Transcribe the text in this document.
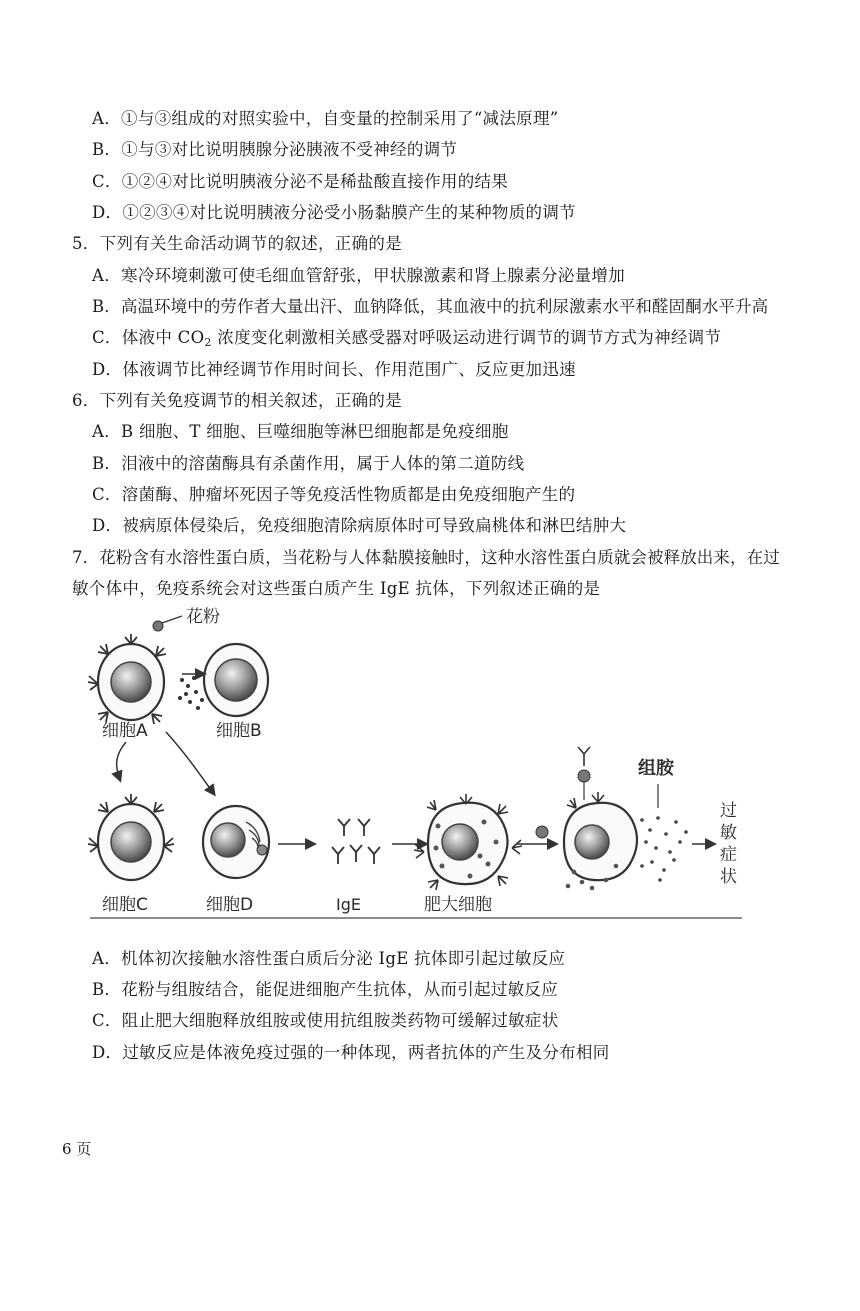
A．①与③组成的对照实验中，自变量的控制采用了“减法原理”
B．①与③对比说明胰腺分泌胰液不受神经的调节
C．①②④对比说明胰液分泌不是稀盐酸直接作用的结果
D．①②③④对比说明胰液分泌受小肠黏膜产生的某种物质的调节
5．下列有关生命活动调节的叙述，正确的是
A．寒冷环境刺激可使毛细血管舒张，甲状腺激素和肾上腺素分泌量增加
B．高温环境中的劳作者大量出汗、血钠降低，其血液中的抗利尿激素水平和醛固酮水平升高
C．体液中 $CO_2$ 浓度变化刺激相关感受器对呼吸运动进行调节的调节方式为神经调节
D．体液调节比神经调节作用时间长、作用范围广、反应更加迅速
6．下列有关免疫调节的相关叙述，正确的是
A．B 细胞、T 细胞、巨噬细胞等淋巴细胞都是免疫细胞
B．泪液中的溶菌酶具有杀菌作用，属于人体的第二道防线
C．溶菌酶、肿瘤坏死因子等免疫活性物质都是由免疫细胞产生的
D．被病原体侵染后，免疫细胞清除病原体时可导致扁桃体和淋巴结肿大
7．花粉含有水溶性蛋白质，当花粉与人体黏膜接触时，这种水溶性蛋白质就会被释放出来，在过
敏个体中，免疫系统会对这些蛋白质产生 IgE 抗体，下列叙述正确的是
花粉
细胞A	细胞B
细胞C	细胞D	IgE	肥大细胞
组胺
过
敏
症
状
A．机体初次接触水溶性蛋白质后分泌 IgE 抗体即引起过敏反应
B．花粉与组胺结合，能促进细胞产生抗体，从而引起过敏反应
C．阻止肥大细胞释放组胺或使用抗组胺类药物可缓解过敏症状
D．过敏反应是体液免疫过强的一种体现，两者抗体的产生及分布相同
6 页
